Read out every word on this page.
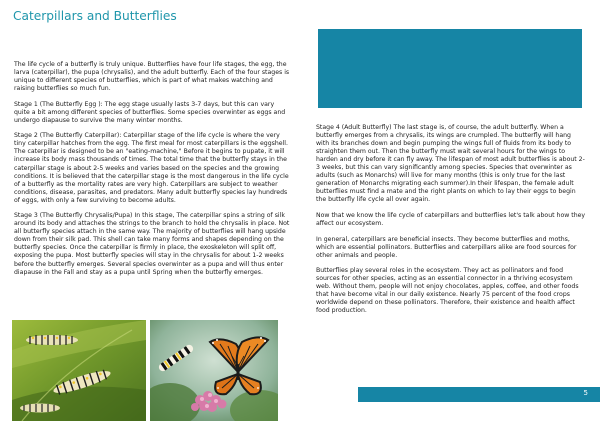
Caterpillars and Butterflies

The life cycle of a butterfly is truly unique. Butterflies have four life stages, the egg, the larva (caterpillar), the pupa (chrysalis), and the adult butterfly. Each of the four stages is unique to different species of butterflies, which is part of what makes watching and raising butterflies so much fun.

Stage 1 (The Butterfly Egg ): The egg stage usually lasts 3-7 days, but this can vary quite a bit among different species of butterflies. Some species overwinter as eggs and undergo diapause to survive the many winter months.

Stage 2 (The Butterfly Caterpillar): Caterpillar stage of the life cycle is where the very tiny caterpillar hatches from the egg. The first meal for most caterpillars is the eggshell. The caterpillar is designed to be an "eating-machine," Before it begins to pupate, it will increase its body mass thousands of times. The total time that the butterfly stays in the caterpillar stage is about 2-5 weeks and varies based on the species and the growing conditions. It is believed that the caterpillar stage is the most dangerous in the life cycle of a butterfly as the mortality rates are very high. Caterpillars are subject to weather conditions, disease, parasites, and predators. Many adult butterfly species lay hundreds of eggs, with only a few surviving to become adults.

Stage 3 (The Butterfly Chrysalis/Pupa) In this stage, The caterpillar spins a string of silk around its body and attaches the strings to the branch to hold the chrysalis in place. Not all butterfly species attach in the same way. The majority of butterflies will hang upside down from their silk pad. This shell can take many forms and shapes depending on the butterfly species. Once the caterpillar is firmly in place, the exoskeleton will split off, exposing the pupa. Most butterfly species will stay in the chrysalis for about 1-2 weeks before the butterfly emerges. Several species overwinter as a pupa and will thus enter diapause in the Fall and stay as a pupa until Spring when the butterfly emerges.

Stage 4 (Adult Butterfly) The last stage is, of course, the adult butterfly. When a butterfly emerges from a chrysalis, its wings are crumpled. The butterfly will hang with its branches down and begin pumping the wings full of fluids from its body to straighten them out. Then the butterfly must wait several hours for the wings to harden and dry before it can fly away. The lifespan of most adult butterflies is about 2-3 weeks, but this can vary significantly among species. Species that overwinter as adults (such as Monarchs) will live for many months (this is only true for the last generation of Monarchs migrating each summer).In their lifespan, the female adult butterflies must find a mate and the right plants on which to lay their eggs to begin the butterfly life cycle all over again.

Now that we know the life cycle of caterpillars and butterflies let's talk about how they affect our ecosystem.

In general, caterpillars are beneficial insects. They become butterflies and moths, which are essential pollinators. Butterflies and caterpillars alike are food sources for other animals and people.

Butterflies play several roles in the ecosystem. They act as pollinators and food sources for other species, acting as an essential connector in a thriving ecosystem web. Without them, people will not enjoy chocolates, apples, coffee, and other foods that have become vital in our daily existence. Nearly 75 percent of the food crops worldwide depend on these pollinators. Therefore, their existence and health affect food production.

5
